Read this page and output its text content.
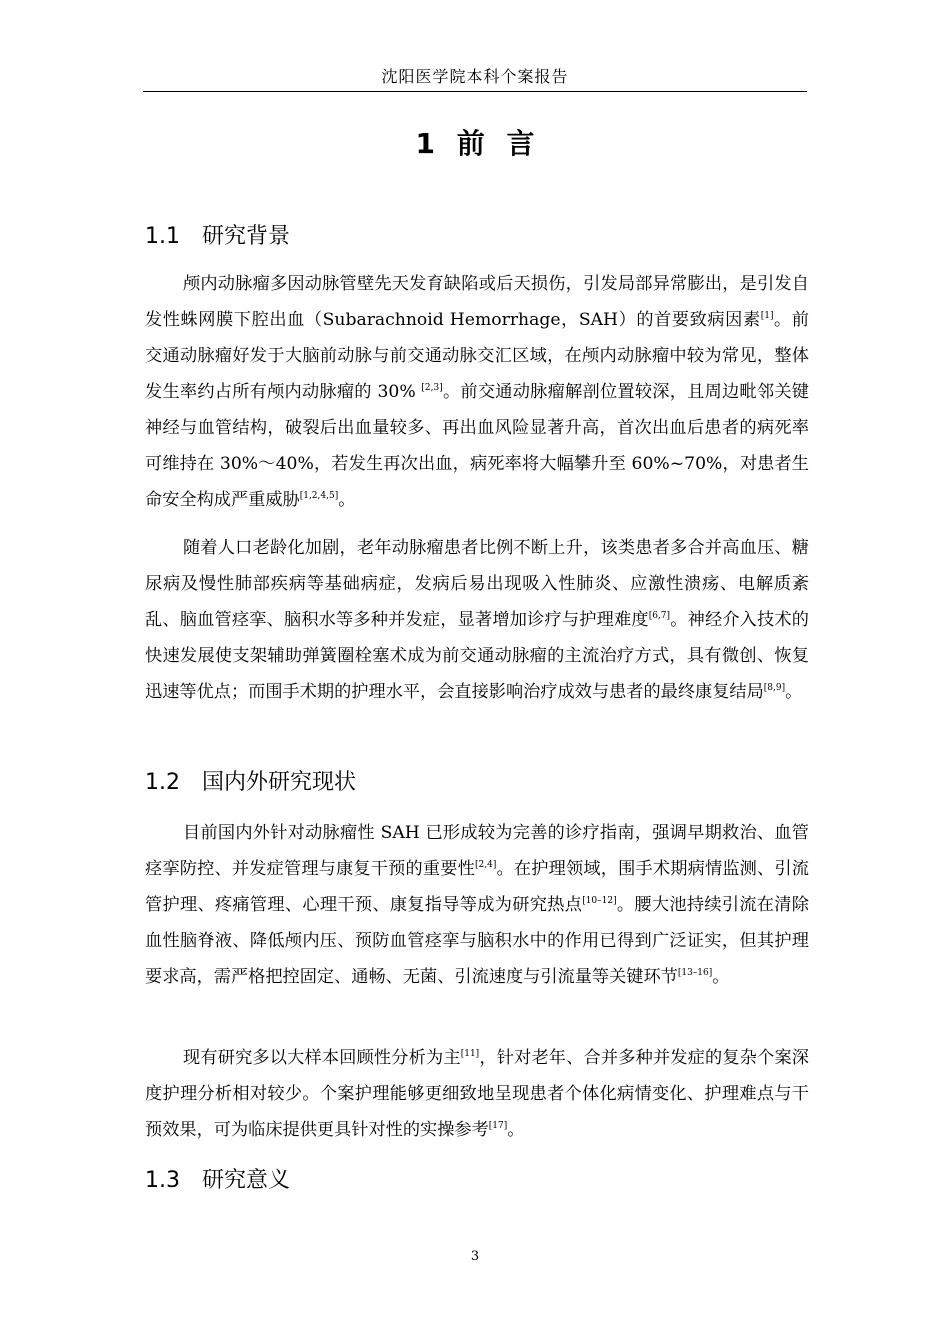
沈阳医学院本科个案报告
1 前 言
1.1 研究背景
颅内动脉瘤多因动脉管壁先天发育缺陷或后天损伤，引发局部异常膨出，是引发自发性蛛网膜下腔出血（Subarachnoid Hemorrhage，SAH）的首要致病因素[1]。前交通动脉瘤好发于大脑前动脉与前交通动脉交汇区域，在颅内动脉瘤中较为常见，整体发生率约占所有颅内动脉瘤的 30% [2,3]。前交通动脉瘤解剖位置较深，且周边毗邻关键神经与血管结构，破裂后出血量较多、再出血风险显著升高，首次出血后患者的病死率可维持在 30%～40%，若发生再次出血，病死率将大幅攀升至 60%~70%，对患者生命安全构成严重威胁[1,2,4,5]。
随着人口老龄化加剧，老年动脉瘤患者比例不断上升，该类患者多合并高血压、糖尿病及慢性肺部疾病等基础病症，发病后易出现吸入性肺炎、应激性溃疡、电解质紊乱、脑血管痉挛、脑积水等多种并发症，显著增加诊疗与护理难度[6,7]。神经介入技术的快速发展使支架辅助弹簧圈栓塞术成为前交通动脉瘤的主流治疗方式，具有微创、恢复迅速等优点；而围手术期的护理水平，会直接影响治疗成效与患者的最终康复结局[8,9]。
1.2 国内外研究现状
目前国内外针对动脉瘤性 SAH 已形成较为完善的诊疗指南，强调早期救治、血管痉挛防控、并发症管理与康复干预的重要性[2,4]。在护理领域，围手术期病情监测、引流管护理、疼痛管理、心理干预、康复指导等成为研究热点[10–12]。腰大池持续引流在清除血性脑脊液、降低颅内压、预防血管痉挛与脑积水中的作用已得到广泛证实，但其护理要求高，需严格把控固定、通畅、无菌、引流速度与引流量等关键环节[13–16]。
现有研究多以大样本回顾性分析为主[11]，针对老年、合并多种并发症的复杂个案深度护理分析相对较少。个案护理能够更细致地呈现患者个体化病情变化、护理难点与干预效果，可为临床提供更具针对性的实操参考[17]。
1.3 研究意义
3
